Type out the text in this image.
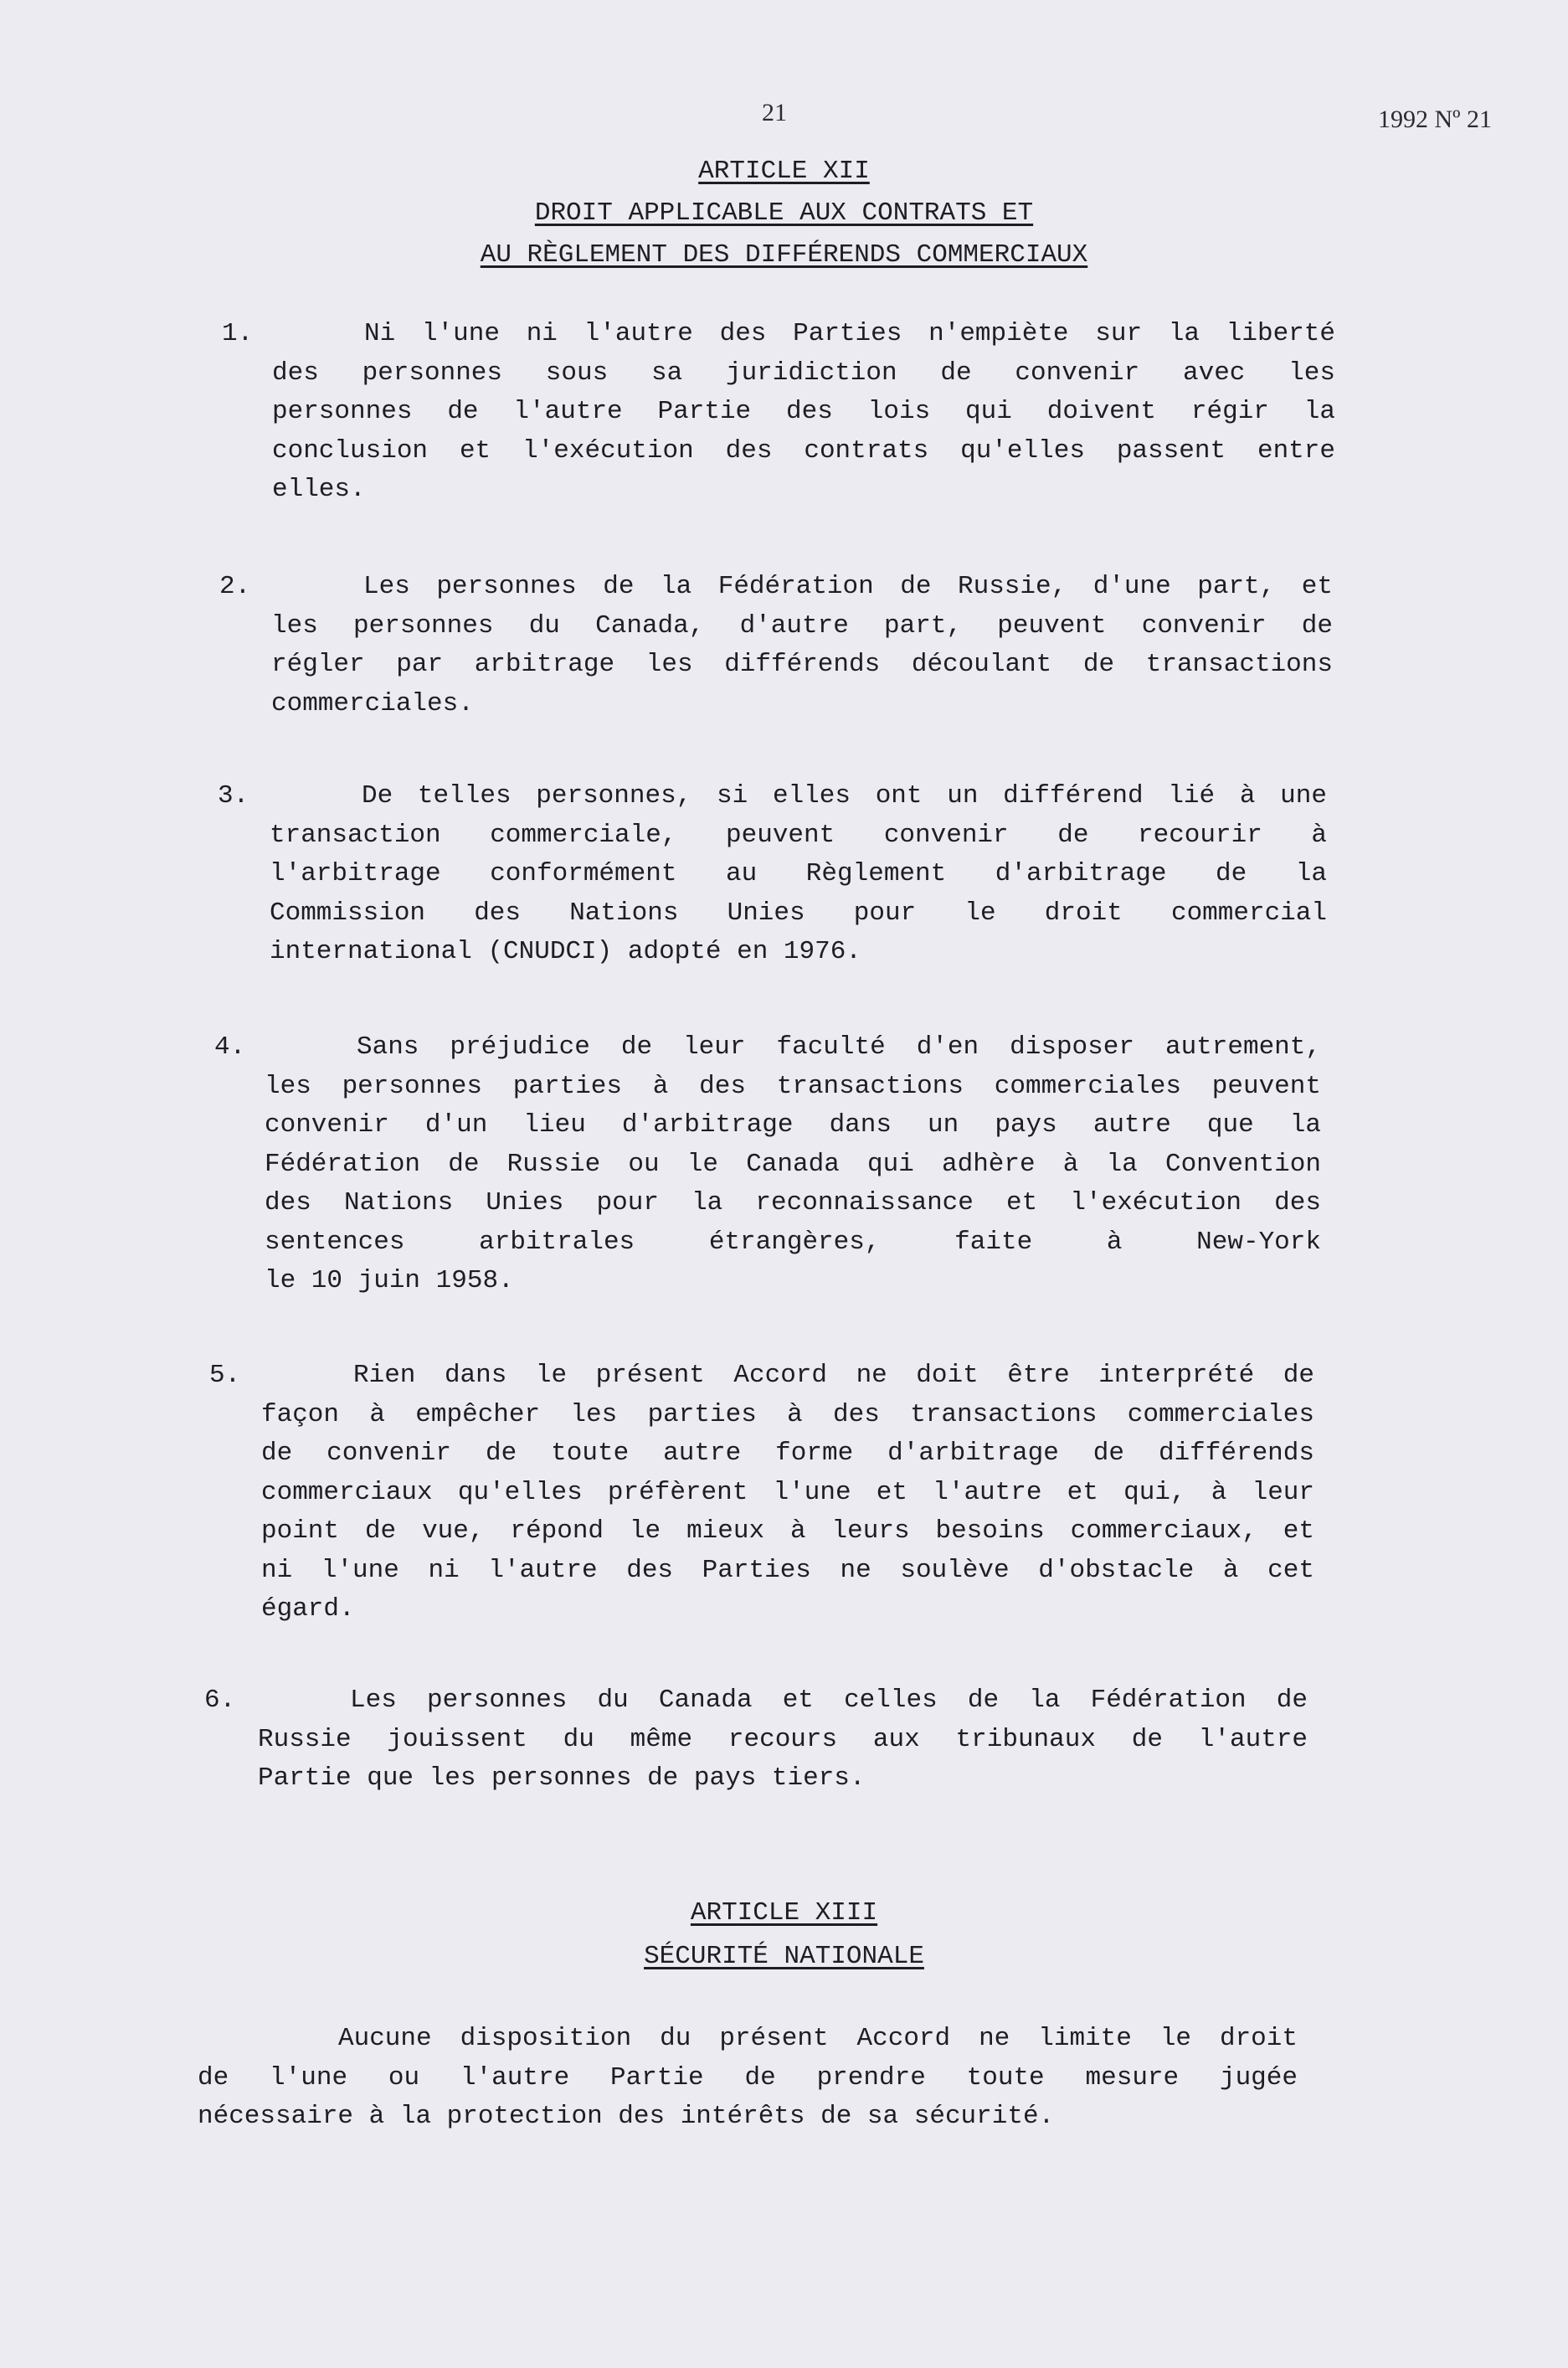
21	1992 Nº 21
ARTICLE XII
DROIT APPLICABLE AUX CONTRATS ET
AU RÈGLEMENT DES DIFFÉRENDS COMMERCIAUX
1.	Ni l'une ni l'autre des Parties n'empiète sur la liberté
des personnes sous sa juridiction de convenir avec les
personnes de l'autre Partie des lois qui doivent régir la
conclusion et l'exécution des contrats qu'elles passent entre
elles.
2.	Les personnes de la Fédération de Russie, d'une part, et
les personnes du Canada, d'autre part, peuvent convenir de
régler par arbitrage les différends découlant de transactions
commerciales.
3.	De telles personnes, si elles ont un différend lié à une
transaction commerciale, peuvent convenir de recourir à
l'arbitrage conformément au Règlement d'arbitrage de la
Commission des Nations Unies pour le droit commercial
international (CNUDCI) adopté en 1976.
4.	Sans préjudice de leur faculté d'en disposer autrement,
les personnes parties à des transactions commerciales peuvent
convenir d'un lieu d'arbitrage dans un pays autre que la
Fédération de Russie ou le Canada qui adhère à la Convention
des Nations Unies pour la reconnaissance et l'exécution des
sentences arbitrales étrangères, faite à New-York
le 10 juin 1958.
5.	Rien dans le présent Accord ne doit être interprété de
façon à empêcher les parties à des transactions commerciales
de convenir de toute autre forme d'arbitrage de différends
commerciaux qu'elles préfèrent l'une et l'autre et qui, à leur
point de vue, répond le mieux à leurs besoins commerciaux, et
ni l'une ni l'autre des Parties ne soulève d'obstacle à cet
égard.
6.	Les personnes du Canada et celles de la Fédération de
Russie jouissent du même recours aux tribunaux de l'autre
Partie que les personnes de pays tiers.
ARTICLE XIII
SÉCURITÉ NATIONALE
Aucune disposition du présent Accord ne limite le droit
de l'une ou l'autre Partie de prendre toute mesure jugée
nécessaire à la protection des intérêts de sa sécurité.
